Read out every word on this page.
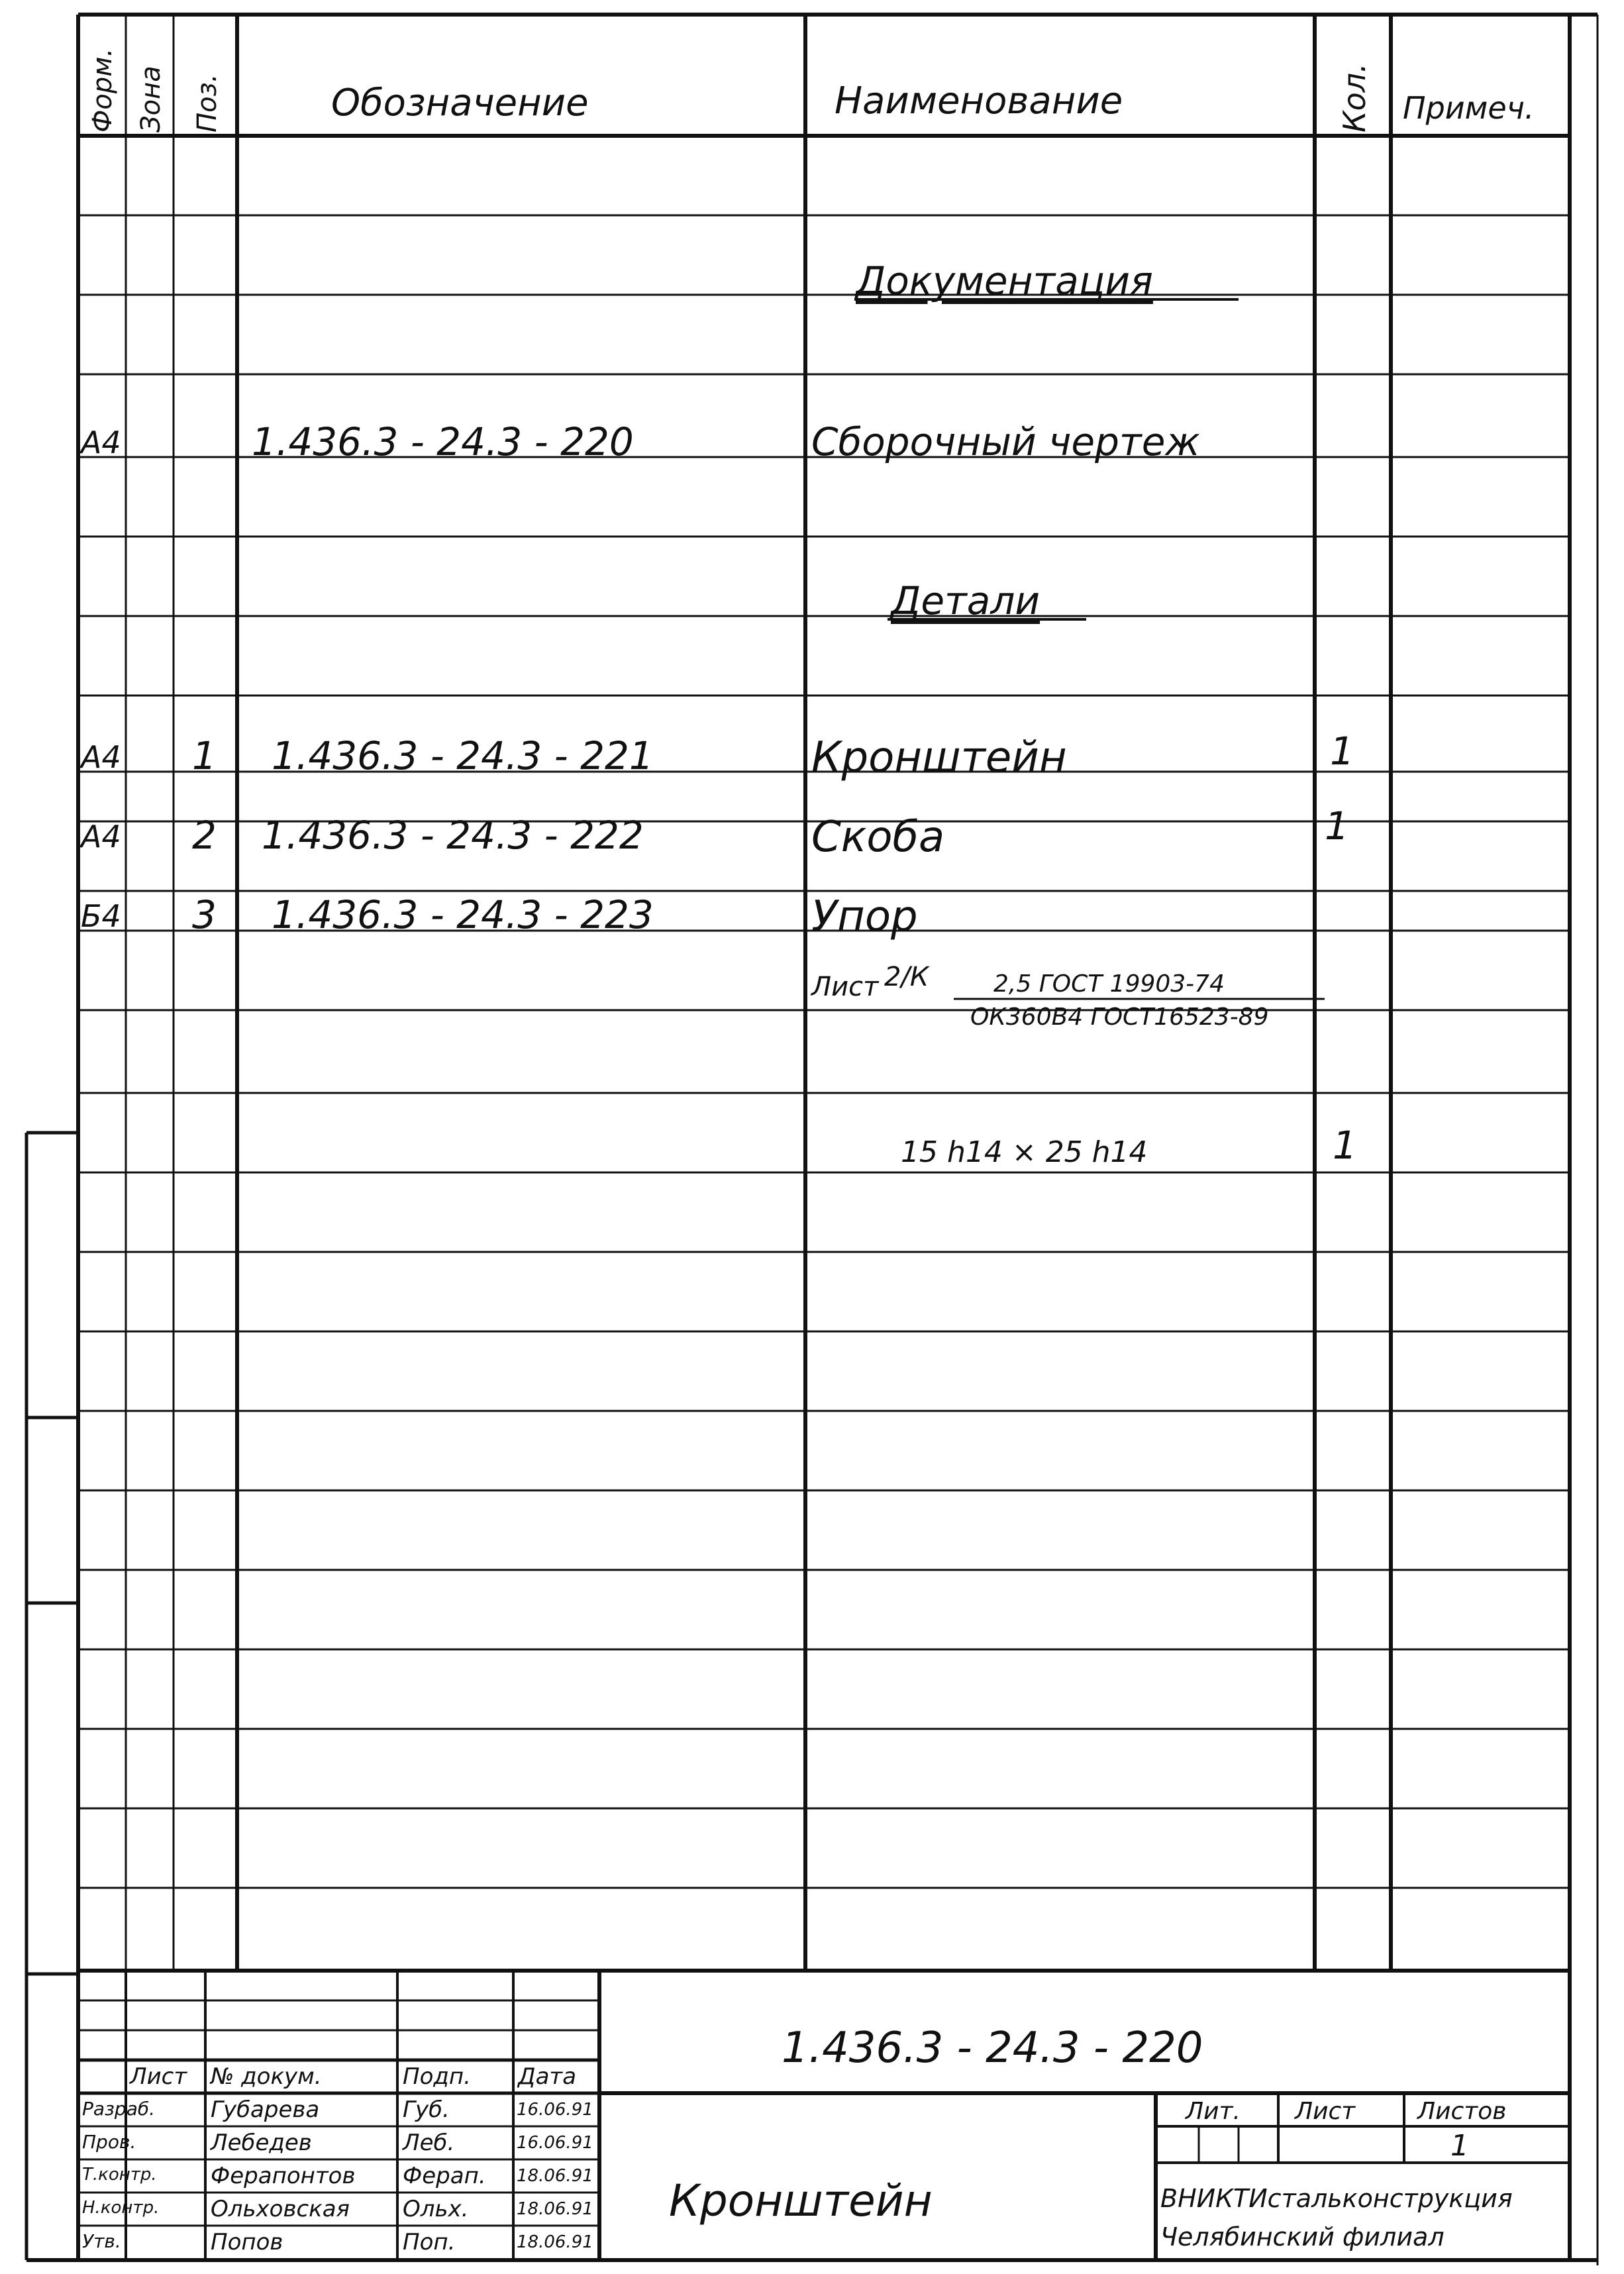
Форм. Зона Поз.	Обозначение	Наименование	Кол. Примеч.
Документация
А4	1.436.3 - 24.3 - 220	Сборочный чертеж
Детали
А4 1 1.436.3 - 24.3 - 221	Кронштейн	1
А4 2 1.436.3 - 24.3 - 222	Скоба	1
Б4 3 1.436.3 - 24.3 - 223	Упор
Лист 2/К	2,5 ГОСТ 19903-74
ОК360В4 ГОСТ16523-89
15 h14 × 25 h14	1
1.436.3 - 24.3 - 220
Кронштейн
Лист № докум.	Подп. Дата
Разраб. Губарева	Губ.	16.06.91
Пров.	Лебедев	Леб.	16.06.91
Т.контр. Ферапонтов Ферап. 18.06.91
Н.контр. Ольховская Ольх.	18.06.91
Утв.	Попов	Поп.	18.06.91
Лит. Лист	Листов
1
ВНИКТИстальконструкция
Челябинский филиал
